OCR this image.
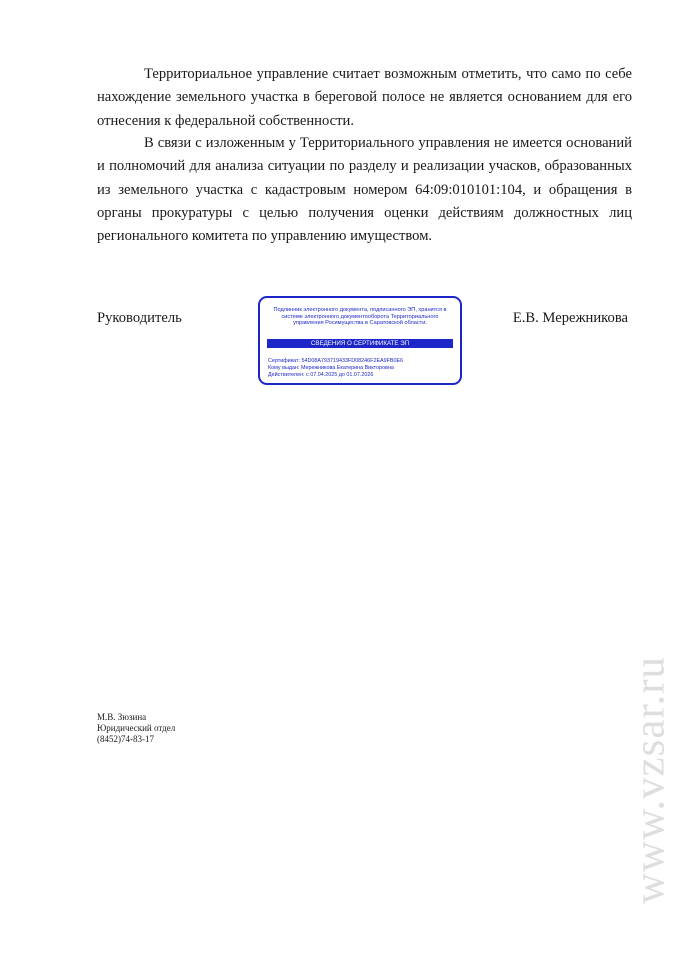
Территориальное управление считает возможным отметить, что само по себе нахождение земельного участка в береговой полосе не является основанием для его отнесения к федеральной собственности.

В связи с изложенным у Территориального управления не имеется оснований и полномочий для анализа ситуации по разделу и реализации учасков, образованных из земельного участка с кадастровым номером 64:09:010101:104, и обращения в органы прокуратуры с целью получения оценки действиям должностных лиц регионального комитета по управлению имуществом.

Руководитель	Подлинник электронного документа, подписанного ЭП, хранится в системе электронного документооборота Территориального управления Росимущества в Саратовской области.
СВЕДЕНИЯ О СЕРТИФИКАТЕ ЭП
Сертификат: 54D08A793719433FD08246F2EA9FB0E6
Кому выдан: Мережникова Екатерина Викторовна
Действителен: с 07.04.2025 до 01.07.2026
Е.В. Мережникова
М.В. Зюзина
Юридический отдел
(8452)74-83-17	www.vzsar.ru
